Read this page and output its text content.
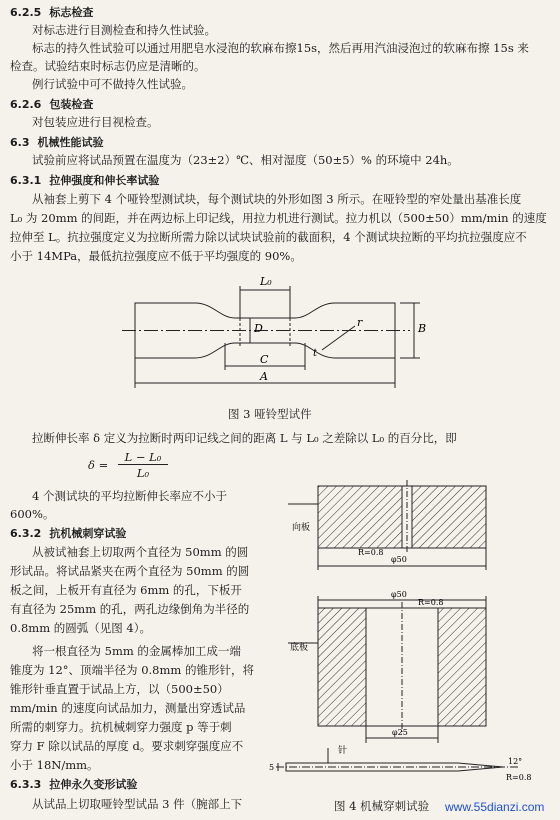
6.2.5 标志检查
对标志进行目测检查和持久性试验。
标志的持久性试验可以通过用肥皂水浸泡的软麻布擦15s，然后再用汽油浸泡过的软麻布擦 15s 来
检查。试验结束时标志仍应是清晰的。
例行试验中可不做持久性试验。
6.2.6 包装检查
对包装应进行目视检查。
6.3 机械性能试验
试验前应将试品预置在温度为（23±2）℃、相对湿度（50±5）% 的环境中 24h。
6.3.1 拉伸强度和伸长率试验
从袖套上剪下 4 个哑铃型测试块，每个测试块的外形如图 3 所示。在哑铃型的窄处量出基准长度
L₀ 为 20mm 的间距，并在两边标上印记线，用拉力机进行测试。拉力机以（500±50）mm/min 的速度
拉伸至 L。抗拉强度定义为拉断所需力除以试块试验前的截面积，4 个测试块拉断的平均抗拉强度应不
小于 14MPa，最低抗拉强度应不低于平均强度的 90%。
L₀
D	B
r
C
A
t
图 3 哑铃型试件
拉断伸长率 δ 定义为拉断时两印记线之间的距离 L 与 L₀ 之差除以 L₀ 的百分比，即
δ =
L − L₀
L₀
4 个测试块的平均拉断伸长率应不小于
600%。
6.3.2 抗机械刺穿试验
从被试袖套上切取两个直径为 50mm 的圆
形试品。将试品紧夹在两个直径为 50mm 的圆
板之间，上板开有直径为 6mm 的孔，下板开
有直径为 25mm 的孔，两孔边缘倒角为半径的
0.8mm 的圆弧（见图 4）。
将一根直径为 5mm 的金属棒加工成一端
锥度为 12°、顶端半径为 0.8mm 的锥形针，将
锥形针垂直置于试品上方，以（500±50）
mm/min 的速度向试品加力，测量出穿透试品
所需的刺穿力。抗机械刺穿力强度 p 等于刺
穿力 F 除以试品的厚度 d。要求刺穿强度应不
小于 18N/mm。
6.3.3 拉伸永久变形试验
从试品上切取哑铃型试品 3 件（腕部上下
向板
底板
针
R=0.8
φ50
φ50
R=0.8
φ25
12°
5
R=0.8
图 4 机械穿刺试验 www.55dianzi.com
